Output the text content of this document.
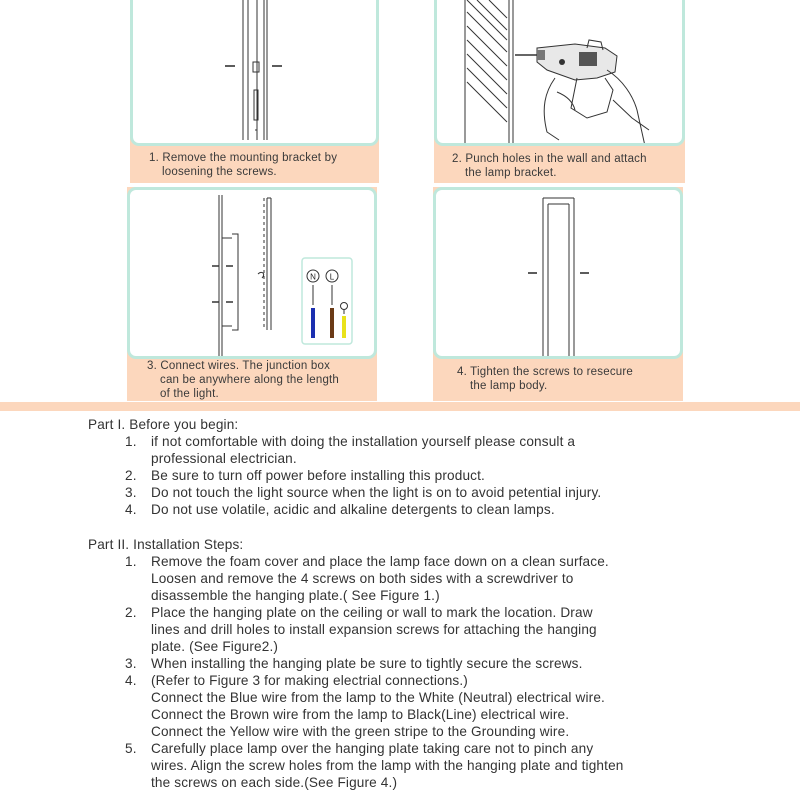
1. Remove the mounting bracket by
loosening the screws.
2. Punch holes in the wall and attach
the lamp bracket.
N L
3. Connect wires. The junction box
can be anywhere along the length
of the light.
4. Tighten the screws to resecure
the lamp body.
Part I. Before you begin:
1. if not comfortable with doing the installation yourself please consult a
professional electrician.
2. Be sure to turn off power before installing this product.
3. Do not touch the light source when the light is on to avoid petential injury.
4. Do not use volatile, acidic and alkaline detergents to clean lamps.
Part II. Installation Steps:
1. Remove the foam cover and place the lamp face down on a clean surface.
Loosen and remove the 4 screws on both sides with a screwdriver to
disassemble the hanging plate.( See Figure 1.)
2. Place the hanging plate on the ceiling or wall to mark the location. Draw
lines and drill holes to install expansion screws for attaching the hanging
plate. (See Figure2.)
3. When installing the hanging plate be sure to tightly secure the screws.
4. (Refer to Figure 3 for making electrial connections.)
Connect the Blue wire from the lamp to the White (Neutral) electrical wire.
Connect the Brown wire from the lamp to Black(Line) electrical wire.
Connect the Yellow wire with the green stripe to the Grounding wire.
5. Carefully place lamp over the hanging plate taking care not to pinch any
wires. Align the screw holes from the lamp with the hanging plate and tighten
the screws on each side.(See Figure 4.)
